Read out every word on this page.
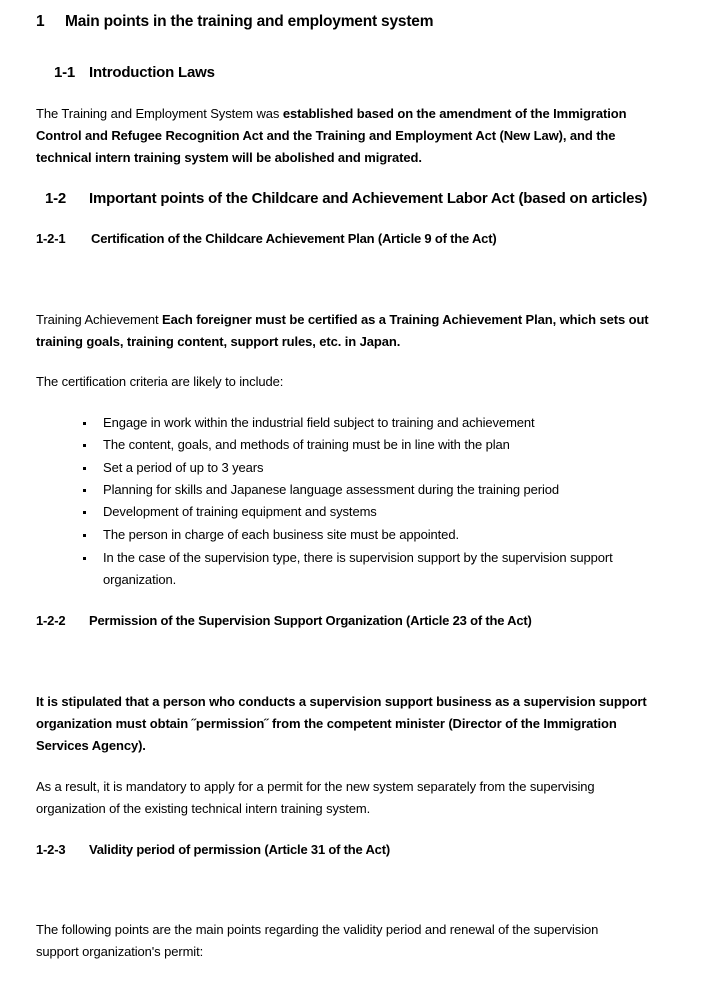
1 Main points in the training and employment system
1-1 Introduction Laws
The Training and Employment System was established based on the amendment of the Immigration
Control and Refugee Recognition Act and the Training and Employment Act (New Law), and the
technical intern training system will be abolished and migrated.
1-2 Important points of the Childcare and Achievement Labor Act (based on articles)
1-2-1 Certification of the Childcare Achievement Plan (Article 9 of the Act)
Training Achievement Each foreigner must be certified as a Training Achievement Plan, which sets out
training goals, training content, support rules, etc. in Japan.
The certification criteria are likely to include:
Engage in work within the industrial field subject to training and achievement
The content, goals, and methods of training must be in line with the plan
Set a period of up to 3 years
Planning for skills and Japanese language assessment during the training period
Development of training equipment and systems
The person in charge of each business site must be appointed.
In the case of the supervision type, there is supervision support by the supervision support
organization.
1-2-2 Permission of the Supervision Support Organization (Article 23 of the Act)
It is stipulated that a person who conducts a supervision support business as a supervision support
organization must obtain ˝permission˝ from the competent minister (Director of the Immigration
Services Agency).
As a result, it is mandatory to apply for a permit for the new system separately from the supervising
organization of the existing technical intern training system.
1-2-3 Validity period of permission (Article 31 of the Act)
The following points are the main points regarding the validity period and renewal of the supervision
support organization's permit:
